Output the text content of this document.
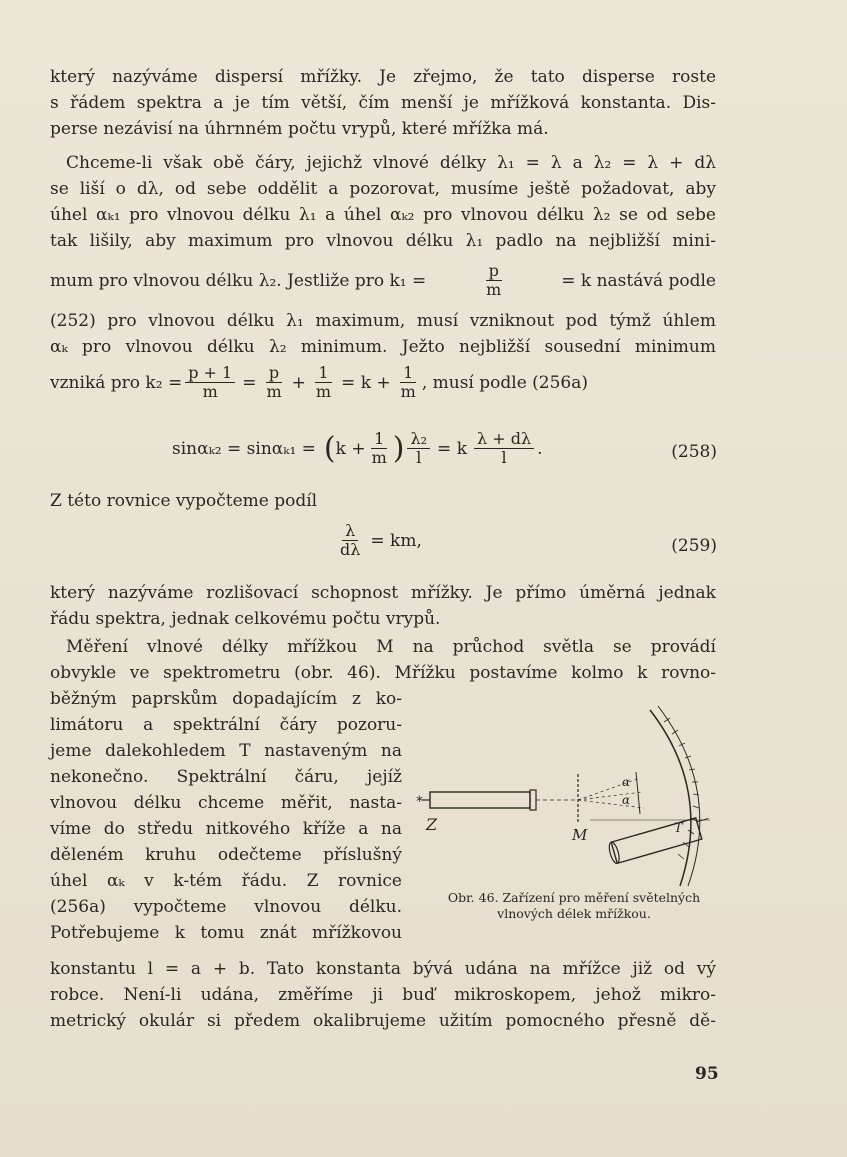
který nazýváme dispersí mřížky. Je zřejmo, že tato disperse roste
s řádem spektra a je tím větší, čím menší je mřížková konstanta. Dis-
perse nezávisí na úhrnném počtu vrypů, které mřížka má.
Chceme-li však obě čáry, jejichž vlnové délky λ₁ = λ a λ₂ = λ + dλ
se liší o dλ, od sebe oddělit a pozorovat, musíme ještě požadovat, aby
úhel αₖ₁ pro vlnovou délku λ₁ a úhel αₖ₂ pro vlnovou délku λ₂ se od sebe
tak lišily, aby maximum pro vlnovou délku λ₁ padlo na nejbližší mini-
mum pro vlnovou délku λ₂. Jestliže pro k₁ =	$\frac{p}{m}$	= k nastává podle
(252) pro vlnovou délku λ₁ maximum, musí vzniknout pod týmž úhlem
αₖ pro vlnovou délku λ₂ minimum. Ježto nejbližší sousední minimum
vzniká pro $k_2 = \frac{p + 1}{m} = \frac{p}{m} + \frac{1}{m} = k + \frac{1}{m}$ , musí podle (256a)
sinαₖ₂ = sinαₖ₁ = ( $k + \frac{1}{m}$ ) $\frac{\text{λ₂}}{l} = k \frac{\lambda + d\lambda}{l}$ .	(258)
Z této rovnice vypočteme podíl
$\frac{\lambda}{d\lambda}$ = km,	(259)
který nazýváme rozlišovací schopnost mřížky. Je přímo úměrná jednak
řádu spektra, jednak celkovému počtu vrypů.
Měření vlnové délky mřížkou M na průchod světla se provádí
obvykle ve spektrometru (obr. 46). Mřížku postavíme kolmo k rovno-
běžným paprskům dopadajícím z ko-
limátoru a spektrální čáry pozoru-
jeme dalekohledem T nastaveným na
nekonečno. Spektrální čáru, jejíž
vlnovou délku chceme měřit, nasta-
víme do středu nitkového kříže a na
děleném kruhu odečteme příslušný
úhel αₖ v k-tém řádu. Z rovnice
(256a) vypočteme vlnovou délku.
Potřebujeme k tomu znát mřížkovou
*
Z
M	T
α
α
Obr. 46. Zařízení pro měření světelných
vlnových délek mřížkou.
konstantu l = a + b. Tato konstanta bývá udána na mřížce již od vý
robce. Není-li udána, změříme ji buď mikroskopem, jehož mikro-
metrický okulár si předem okalibrujeme užitím pomocného přesně dě-
95
